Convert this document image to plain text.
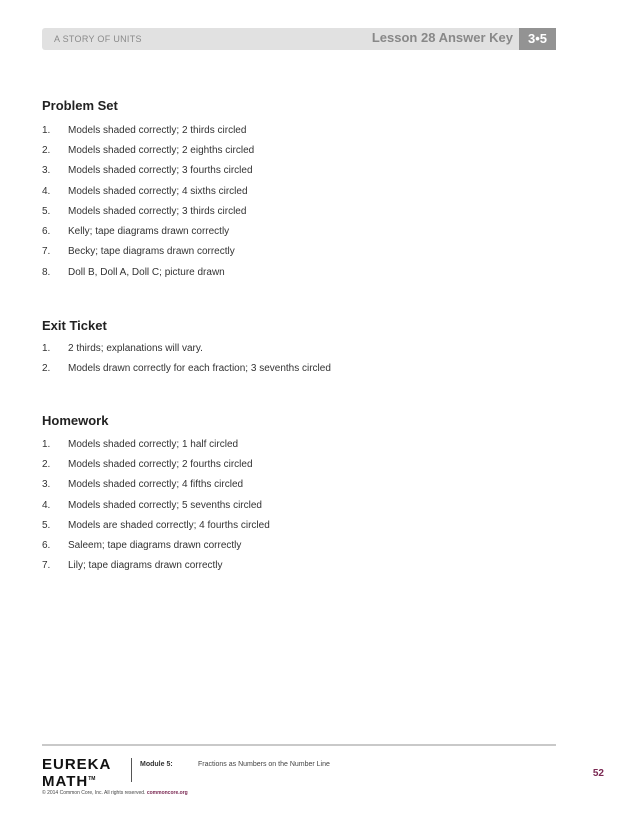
A STORY OF UNITS	Lesson 28 Answer Key	3•5
Problem Set
1.	Models shaded correctly; 2 thirds circled
2.	Models shaded correctly; 2 eighths circled
3.	Models shaded correctly; 3 fourths circled
4.	Models shaded correctly; 4 sixths circled
5.	Models shaded correctly; 3 thirds circled
6.	Kelly; tape diagrams drawn correctly
7.	Becky; tape diagrams drawn correctly
8.	Doll B, Doll A, Doll C; picture drawn
Exit Ticket
1.	2 thirds; explanations will vary.
2.	Models drawn correctly for each fraction; 3 sevenths circled
Homework
1.	Models shaded correctly; 1 half circled
2.	Models shaded correctly; 2 fourths circled
3.	Models shaded correctly; 4 fifths circled
4.	Models shaded correctly; 5 sevenths circled
5.	Models are shaded correctly; 4 fourths circled
6.	Saleem; tape diagrams drawn correctly
7.	Lily; tape diagrams drawn correctly
EUREKA
MATH™
Module 5:	Fractions as Numbers on the Number Line
52
© 2014 Common Core, Inc. All rights reserved. commoncore.org
